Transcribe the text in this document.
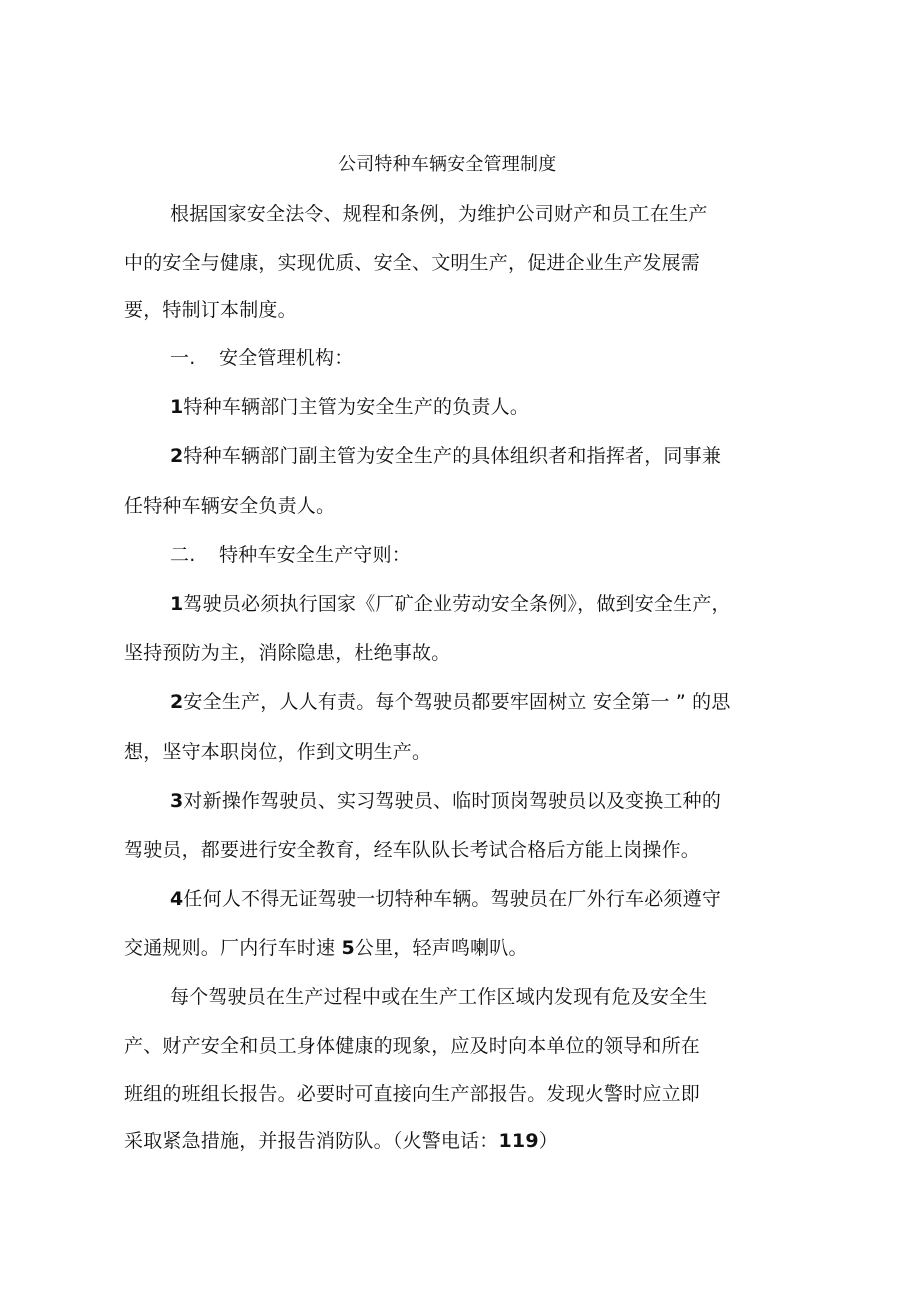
公司特种车辆安全管理制度
根据国家安全法令、规程和条例，为维护公司财产和员工在生产
中的安全与健康，实现优质、安全、文明生产，促进企业生产发展需
要，特制订本制度。
一. 安全管理机构：
1特种车辆部门主管为安全生产的负责人。
2特种车辆部门副主管为安全生产的具体组织者和指挥者，同事兼
任特种车辆安全负责人。
二. 特种车安全生产守则：
1驾驶员必须执行国家《厂矿企业劳动安全条例》，做到安全生产，
坚持预防为主，消除隐患，杜绝事故。
2安全生产，人人有责。每个驾驶员都要牢固树立 安全第一 ” 的思
想，坚守本职岗位，作到文明生产。
3对新操作驾驶员、实习驾驶员、临时顶岗驾驶员以及变换工种的
驾驶员，都要进行安全教育，经车队队长考试合格后方能上岗操作。
4任何人不得无证驾驶一切特种车辆。驾驶员在厂外行车必须遵守
交通规则。厂内行车时速 5公里，轻声鸣喇叭。
每个驾驶员在生产过程中或在生产工作区域内发现有危及安全生
产、财产安全和员工身体健康的现象，应及时向本单位的领导和所在
班组的班组长报告。必要时可直接向生产部报告。发现火警时应立即
采取紧急措施，并报告消防队。（火警电话：119）
